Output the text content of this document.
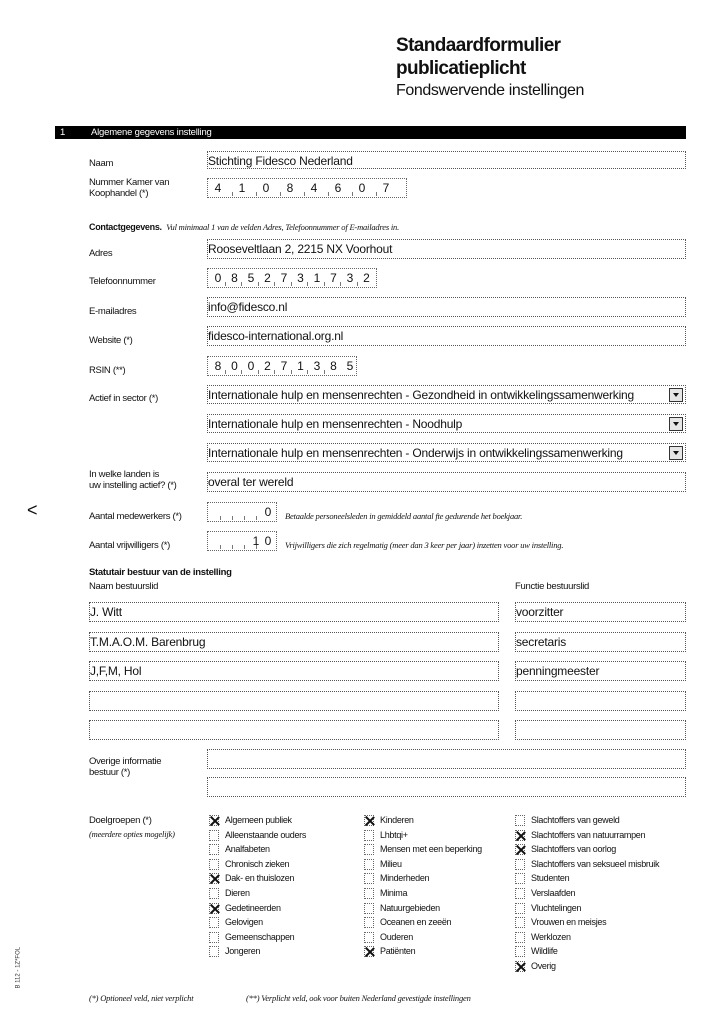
Standaardformulier
publicatieplicht
Fondswervende instellingen
1	Algemene gegevens instelling
Naam	Stichting Fidesco Nederland
Nummer Kamer van
Koophandel (*)	4 1 0 8 4 6 0 7
Contactgegevens. Vul minimaal 1 van de velden Adres, Telefoonnummer of E-mailadres in.
Adres	Rooseveltlaan 2, 2215 NX Voorhout
Telefoonnummer	0 8 5 2 7 3 1 7 3 2
E-mailadres	info@fidesco.nl
Website (*)	fidesco-international.org.nl
RSIN (**)	8 0 0 2 7 1 3 8 5
Actief in sector (*)	Internationale hulp en mensenrechten - Gezondheid in ontwikkelingssamenwerking
Internationale hulp en mensenrechten - Noodhulp
Internationale hulp en mensenrechten - Onderwijs in ontwikkelingssamenwerking
In welke landen is
uw instelling actief? (*)	overal ter wereld
<	Aantal medewerkers (*)	0	Betaalde personeelsleden in gemiddeld aantal fte gedurende het boekjaar.
Aantal vrijwilligers (*)	1 0	Vrijwilligers die zich regelmatig (meer dan 3 keer per jaar) inzetten voor uw instelling.
Statutair bestuur van de instelling
Naam bestuurslid	Functie bestuurslid
J. Witt	voorzitter
T.M.A.O.M. Barenbrug	secretaris
J,F,M, Hol	penningmeester
Overige informatie
bestuur (*)
Doelgroepen (*)
(meerdere opties mogelijk)
Algemeen publiek
Alleenstaande ouders
Analfabeten
Chronisch zieken
Dak- en thuislozen
Dieren
Gedetineerden
Gelovigen
Gemeenschappen
Jongeren
Kinderen
Lhbtqi+
Mensen met een beperking
Milieu
Minderheden
Minima
Natuurgebieden
Oceanen en zeeën
Ouderen
Patiënten
Slachtoffers van geweld
Slachtoffers van natuurrampen
Slachtoffers van oorlog
Slachtoffers van seksueel misbruik
Studenten
Verslaafden
Vluchtelingen
Vrouwen en meisjes
Werklozen
Wildlife
Overig
(*) Optioneel veld, niet verplicht	(**) Verplicht veld, ook voor buiten Nederland gevestigde instellingen
B 112 - 1Z*FOL
